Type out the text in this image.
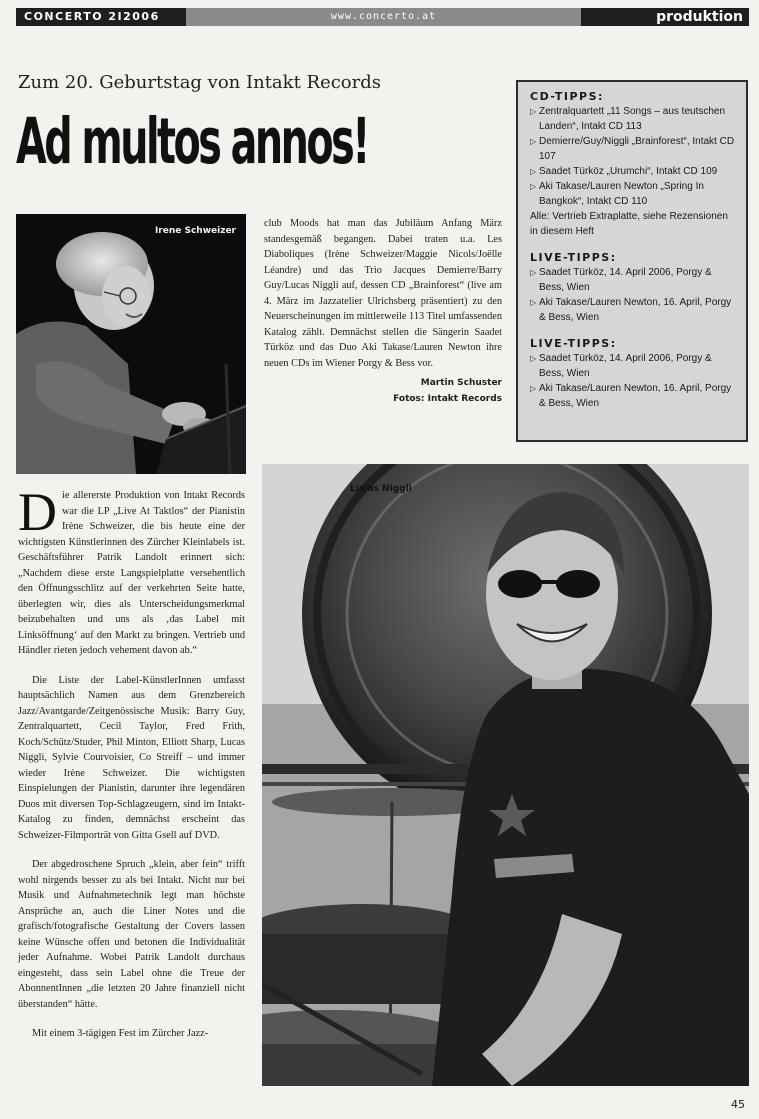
CONCERTO 2I2006	www.concerto.at	produktion
Zum 20. Geburtstag von Intakt Records
Ad multos annos!
CD-TIPPS:
▷ Zentralquartett „11 Songs – aus teutschen Landen“, Intakt CD 113
▷ Demierre/Guy/Niggli „Brainforest“, Intakt CD 107
▷ Saadet Türköz „Urumchi“, Intakt CD 109
▷ Aki Takase/Lauren Newton „Spring In Bangkok“, Intakt CD 110
Alle: Vertrieb Extraplatte, siehe Rezensionen in diesem Heft
LIVE-TIPPS:
▷ Saadet Türköz, 14. April 2006, Porgy & Bess, Wien
▷ Aki Takase/Lauren Newton, 16. April, Porgy & Bess, Wien
LIVE-TIPPS:
▷ Saadet Türköz, 14. April 2006, Porgy & Bess, Wien
▷ Aki Takase/Lauren Newton, 16. April, Porgy & Bess, Wien
Irene Schweizer

club Moods hat man das Jubiläum Anfang März standesgemäß begangen. Dabei traten u.a. Les Diaboliques (Irène Schweizer/Maggie Nicols/Joëlle Léandre) und das Trio Jacques Demierre/Barry Guy/Lucas Niggli auf, dessen CD „Brainforest“ (live am 4. März im Jazzatelier Ulrichsberg präsentiert) zu den Neuerscheinungen im mittlerweile 113 Titel umfassenden Katalog zählt. Demnächst stellen die Sängerin Saadet Türköz und das Duo Aki Takase/Lauren Newton ihre neuen CDs im Wiener Porgy & Bess vor.

Martin Schuster
Fotos: Intakt Records

Die allererste Produktion von Intakt Records war die LP „Live At Taktlos“ der Pianistin Irène Schweizer, die bis heute eine der wichtigsten Künstlerinnen des Zürcher Kleinlabels ist. Geschäftsführer Patrik Landolt erinnert sich: „Nachdem diese erste Langspielplatte versehentlich den Öffnungsschlitz auf der verkehrten Seite hatte, überlegten wir, dies als Unterscheidungsmerkmal beizubehalten und uns als ‚das Label mit Linksöffnung‘ auf den Markt zu bringen. Vertrieb und Händler rieten jedoch vehement davon ab.“

Die Liste der Label-KünstlerInnen umfasst hauptsächlich Namen aus dem Grenzbereich Jazz/Avantgarde/Zeitgenössische Musik: Barry Guy, Zentralquartett, Cecil Taylor, Fred Frith, Koch/Schütz/Studer, Phil Minton, Elliott Sharp, Lucas Niggli, Sylvie Courvoisier, Co Streiff – und immer wieder Irène Schweizer. Die wichtigsten Einspielungen der Pianistin, darunter ihre legendären Duos mit diversen Top-Schlagzeugern, sind im Intakt-Katalog zu finden, demnächst erscheint das Schweizer-Filmporträt von Gitta Gsell auf DVD.

Der abgedroschene Spruch „klein, aber fein“ trifft wohl nirgends besser zu als bei Intakt. Nicht nur bei Musik und Aufnahmetechnik legt man höchste Ansprüche an, auch die Liner Notes und die grafisch/fotografische Gestaltung der Covers lassen keine Wünsche offen und betonen die Individualität jeder Aufnahme. Wobei Patrik Landolt durchaus eingesteht, dass sein Label ohne die Treue der AbonnentInnen „die letzten 20 Jahre finanziell nicht überstanden“ hätte.

Mit einem 3-tägigen Fest im Zürcher Jazz-

Lucas Niggli
45
